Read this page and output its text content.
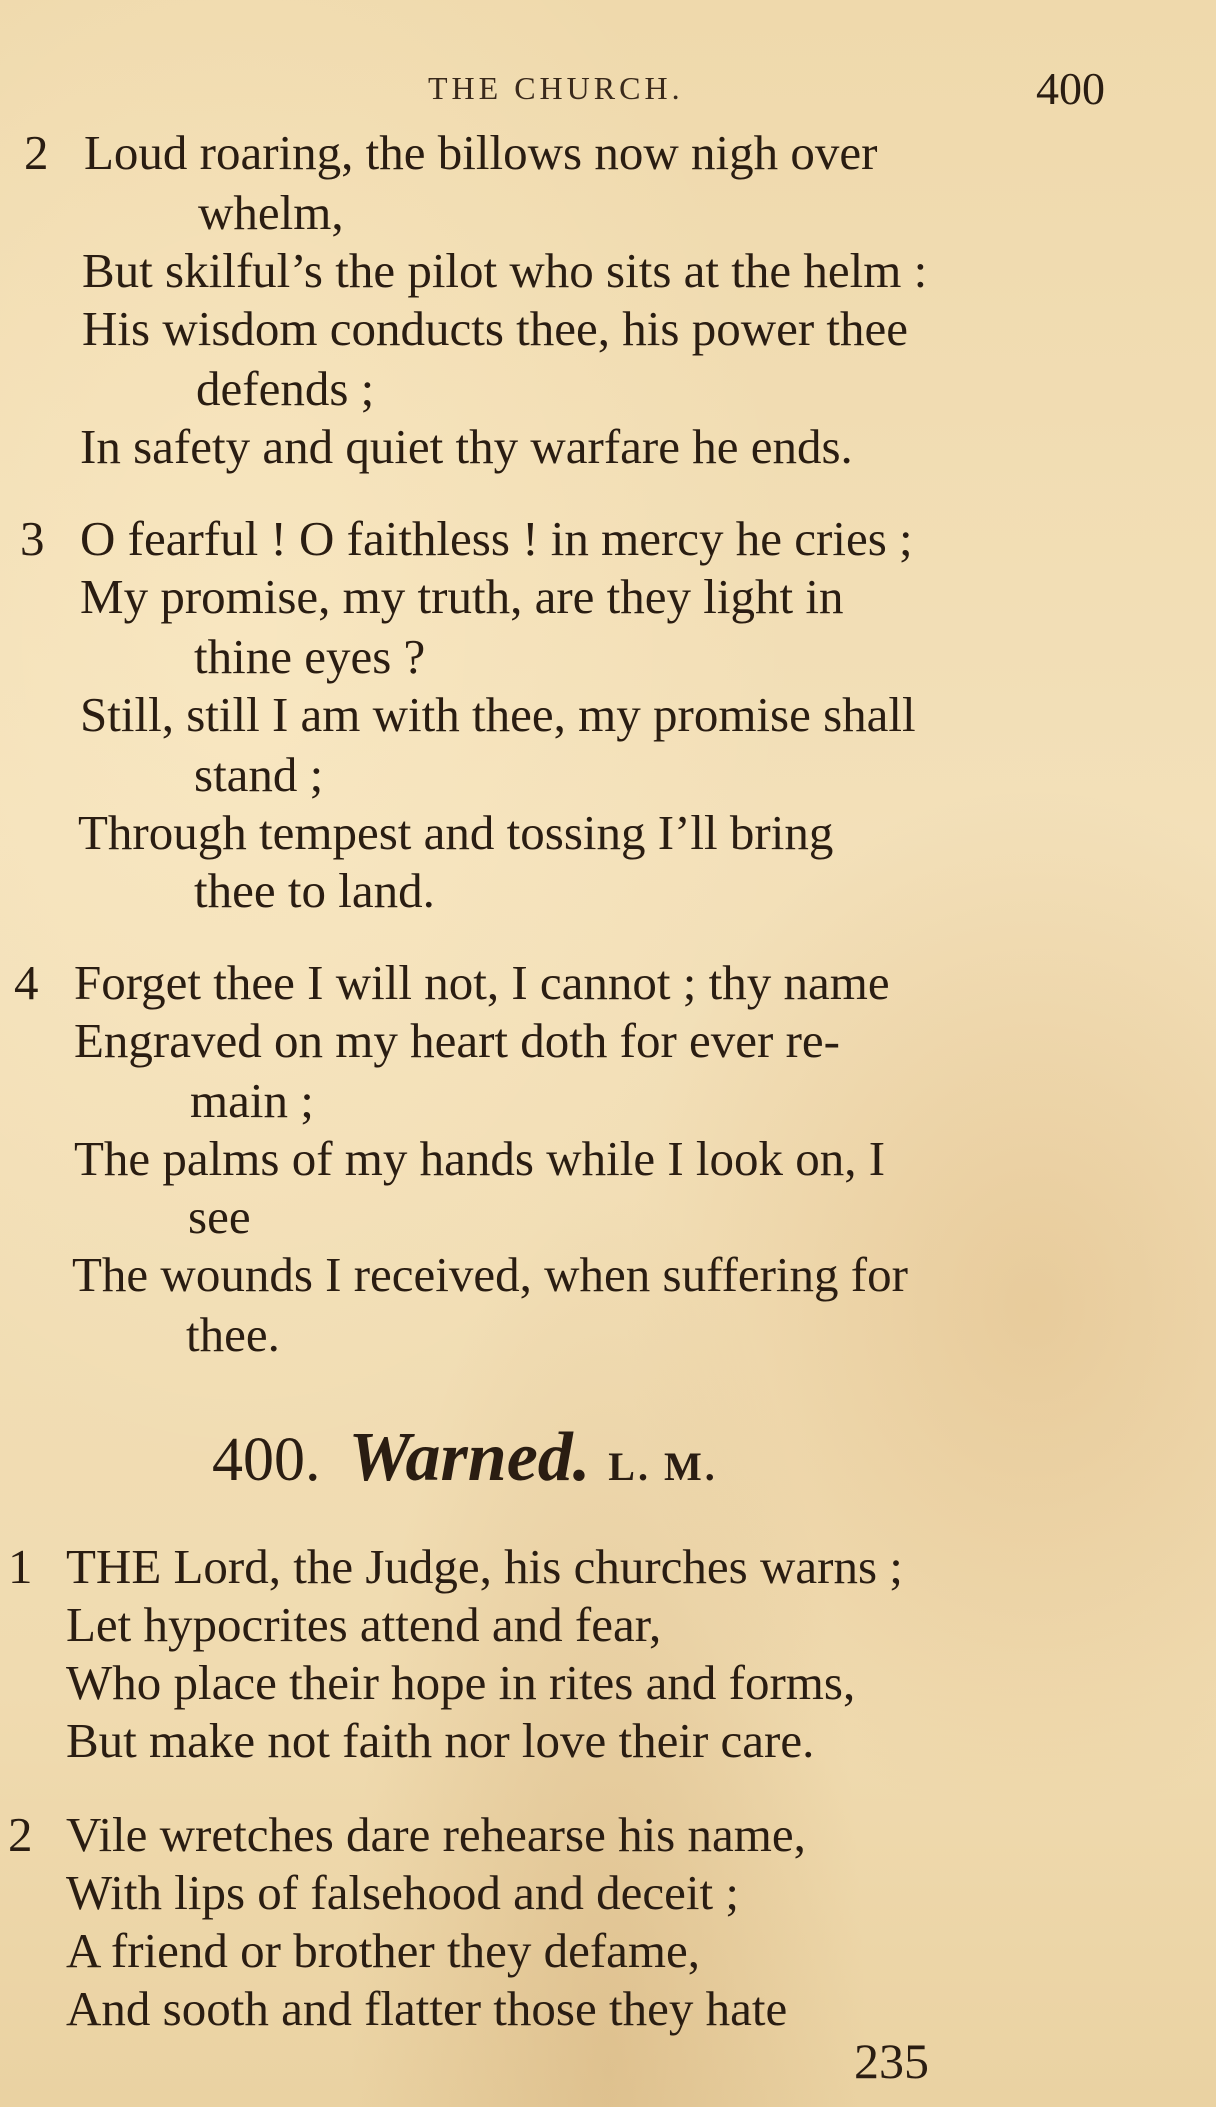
THE CHURCH.	400
2 Loud roaring, the billows now nigh over
whelm,
But skilful’s the pilot who sits at the helm :
His wisdom conducts thee, his power thee
defends ;
In safety and quiet thy warfare he ends.
3 O fearful ! O faithless ! in mercy he cries ;
My promise, my truth, are they light in
thine eyes ?
Still, still I am with thee, my promise shall
stand ;
Through tempest and tossing I’ll bring
thee to land.
4 Forget thee I will not, I cannot ; thy name
Engraved on my heart doth for ever re-
main ;
The palms of my hands while I look on, I
see
The wounds I received, when suffering for
thee.
400. Warned. L. M.
1 THE Lord, the Judge, his churches warns ;
Let hypocrites attend and fear,
Who place their hope in rites and forms,
But make not faith nor love their care.
2 Vile wretches dare rehearse his name,
With lips of falsehood and deceit ;
A friend or brother they defame,
And sooth and flatter those they hate
235
